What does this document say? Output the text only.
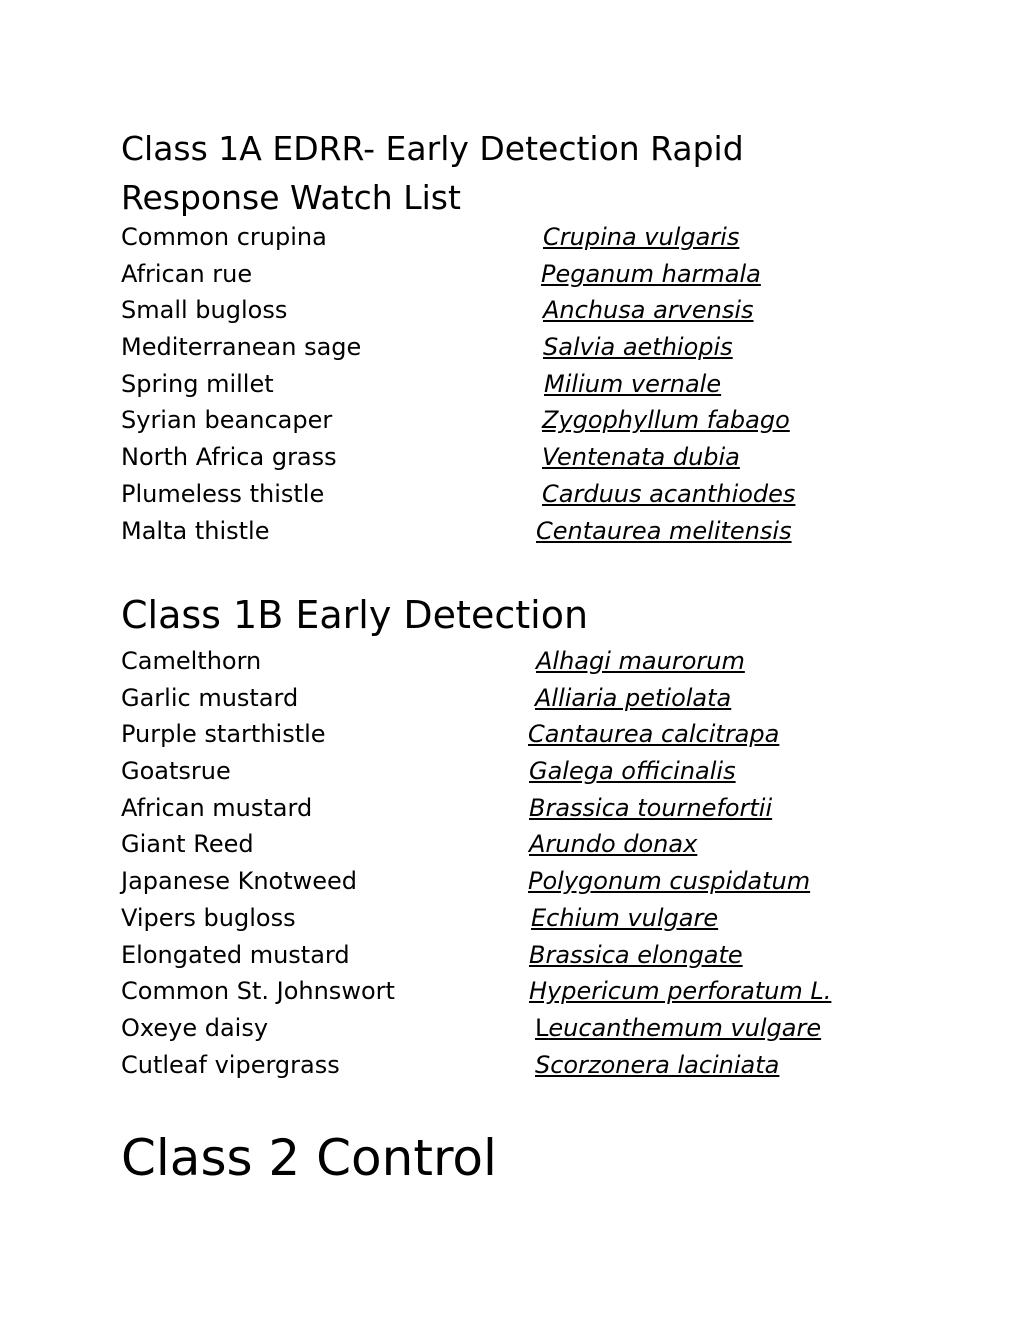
Class 1A EDRR- Early Detection Rapid Response Watch List
Common crupina	Crupina vulgaris
African rue	Peganum harmala
Small bugloss	Anchusa arvensis
Mediterranean sage	Salvia aethiopis
Spring millet	Milium vernale
Syrian beancaper	Zygophyllum fabago
North Africa grass	Ventenata dubia
Plumeless thistle	Carduus acanthiodes
Malta thistle	Centaurea melitensis
Class 1B Early Detection
Camelthorn	Alhagi maurorum
Garlic mustard	Alliaria petiolata
Purple starthistle	Cantaurea calcitrapa
Goatsrue	Galega officinalis
African mustard	Brassica tournefortii
Giant Reed	Arundo donax
Japanese Knotweed	Polygonum cuspidatum
Vipers bugloss	Echium vulgare
Elongated mustard	Brassica elongate
Common St. Johnswort	Hypericum perforatum L.
Oxeye daisy	Leucanthemum vulgare
Cutleaf vipergrass	Scorzonera laciniata
Class 2 Control
